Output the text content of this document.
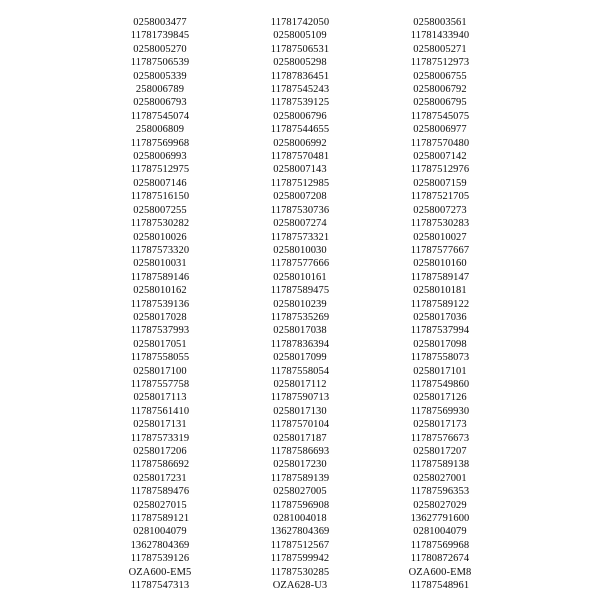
0258003477	11781742050	0258003561
11781739845	0258005109	11781433940
0258005270	11787506531	0258005271
11787506539	0258005298	11787512973
0258005339	11787836451	0258006755
258006789	11787545243	0258006792
0258006793	11787539125	0258006795
11787545074	0258006796	11787545075
258006809	11787544655	0258006977
11787569968	0258006992	11787570480
0258006993	11787570481	0258007142
11787512975	0258007143	11787512976
0258007146	11787512985	0258007159
11787516150	0258007208	11787521705
0258007255	11787530736	0258007273
11787530282	0258007274	11787530283
0258010026	11787573321	0258010027
11787573320	0258010030	11787577667
0258010031	11787577666	0258010160
11787589146	0258010161	11787589147
0258010162	11787589475	0258010181
11787539136	0258010239	11787589122
0258017028	11787535269	0258017036
11787537993	0258017038	11787537994
0258017051	11787836394	0258017098
11787558055	0258017099	11787558073
0258017100	11787558054	0258017101
11787557758	0258017112	11787549860
0258017113	11787590713	0258017126
11787561410	0258017130	11787569930
0258017131	11787570104	0258017173
11787573319	0258017187	11787576673
0258017206	11787586693	0258017207
11787586692	0258017230	11787589138
0258017231	11787589139	0258027001
11787589476	0258027005	11787596353
0258027015	11787596908	0258027029
11787589121	0281004018	13627791600
0281004079	13627804369	0281004079
13627804369	11787512567	11787569968
11787539126	11787599942	11780872674
OZA600-EM5	11787530285	OZA600-EM8
11787547313	OZA628-U3	11787548961
